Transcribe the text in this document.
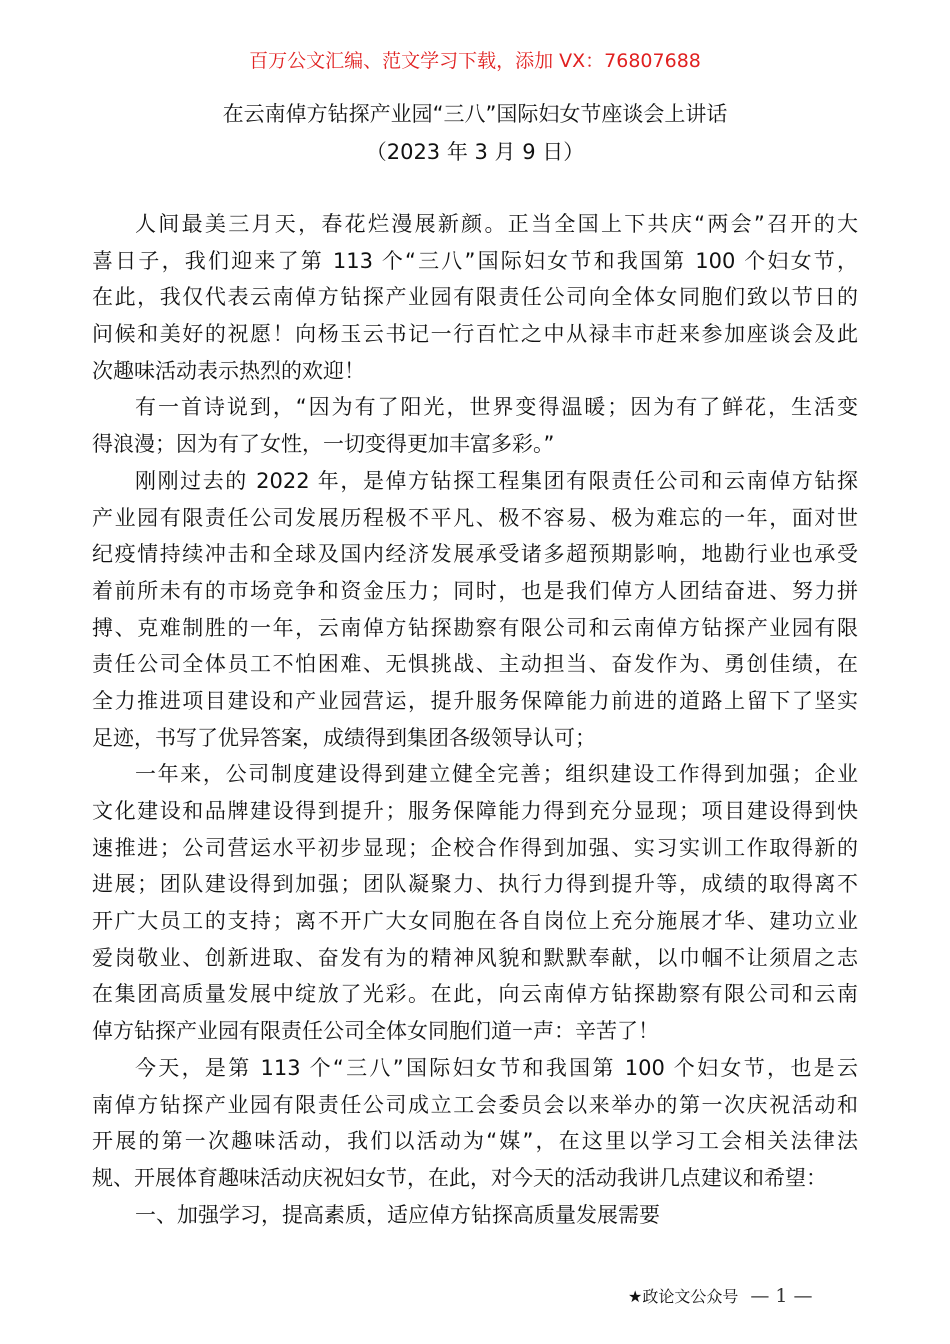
百万公文汇编、范文学习下载，添加 VX：76807688
在云南倬方钻探产业园“三八”国际妇女节座谈会上讲话
（2023 年 3 月 9 日）
人间最美三月天，春花烂漫展新颜。正当全国上下共庆“两会”召开的大
喜日子，我们迎来了第 113 个“三八”国际妇女节和我国第 100 个妇女节，
在此，我仅代表云南倬方钻探产业园有限责任公司向全体女同胞们致以节日的
问候和美好的祝愿！向杨玉云书记一行百忙之中从禄丰市赶来参加座谈会及此
次趣味活动表示热烈的欢迎！
有一首诗说到，“因为有了阳光，世界变得温暖；因为有了鲜花，生活变
得浪漫；因为有了女性，一切变得更加丰富多彩。”
刚刚过去的 2022 年，是倬方钻探工程集团有限责任公司和云南倬方钻探
产业园有限责任公司发展历程极不平凡、极不容易、极为难忘的一年，面对世
纪疫情持续冲击和全球及国内经济发展承受诸多超预期影响，地勘行业也承受
着前所未有的市场竞争和资金压力；同时，也是我们倬方人团结奋进、努力拼
搏、克难制胜的一年，云南倬方钻探勘察有限公司和云南倬方钻探产业园有限
责任公司全体员工不怕困难、无惧挑战、主动担当、奋发作为、勇创佳绩，在
全力推进项目建设和产业园营运，提升服务保障能力前进的道路上留下了坚实
足迹，书写了优异答案，成绩得到集团各级领导认可；
一年来，公司制度建设得到建立健全完善；组织建设工作得到加强；企业
文化建设和品牌建设得到提升；服务保障能力得到充分显现；项目建设得到快
速推进；公司营运水平初步显现；企校合作得到加强、实习实训工作取得新的
进展；团队建设得到加强；团队凝聚力、执行力得到提升等，成绩的取得离不
开广大员工的支持；离不开广大女同胞在各自岗位上充分施展才华、建功立业
爱岗敬业、创新进取、奋发有为的精神风貌和默默奉献，以巾帼不让须眉之志
在集团高质量发展中绽放了光彩。在此，向云南倬方钻探勘察有限公司和云南
倬方钻探产业园有限责任公司全体女同胞们道一声：辛苦了！
今天，是第 113 个“三八”国际妇女节和我国第 100 个妇女节，也是云
南倬方钻探产业园有限责任公司成立工会委员会以来举办的第一次庆祝活动和
开展的第一次趣味活动，我们以活动为“媒”，在这里以学习工会相关法律法
规、开展体育趣味活动庆祝妇女节，在此，对今天的活动我讲几点建议和希望：
一、加强学习，提高素质，适应倬方钻探高质量发展需要
★政论文公众号 — 1 —
